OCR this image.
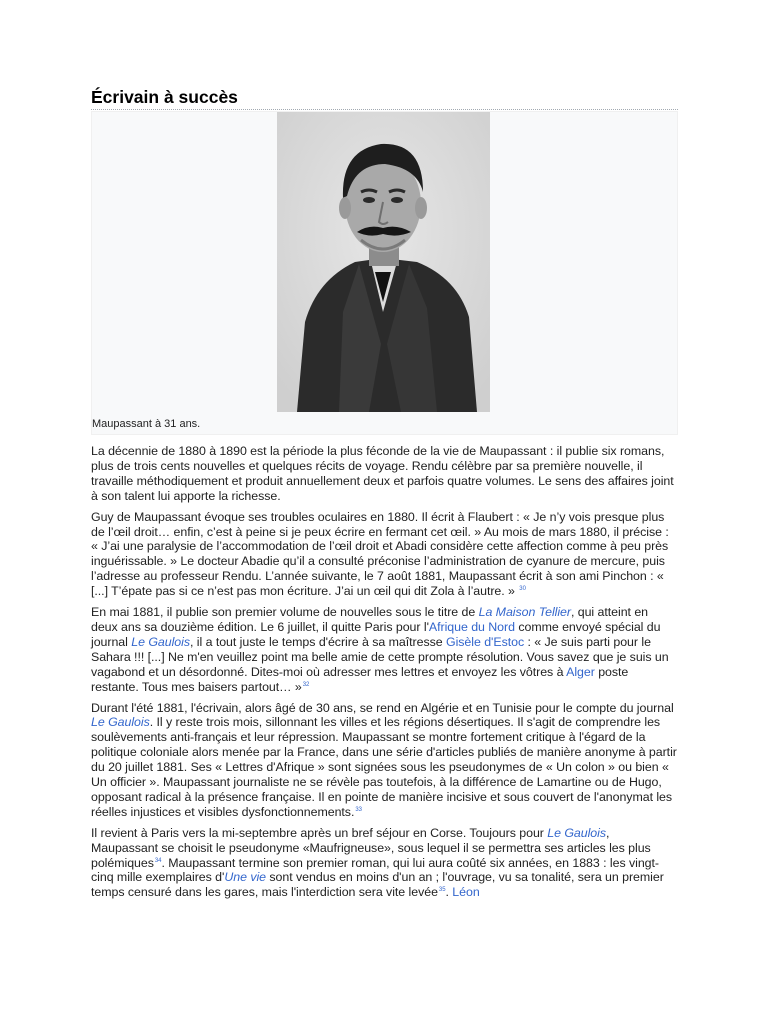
Écrivain à succès
Maupassant à 31 ans.

La décennie de 1880 à 1890 est la période la plus féconde de la vie de Maupassant : il publie six romans, plus de trois cents nouvelles et quelques récits de voyage. Rendu célèbre par sa première nouvelle, il travaille méthodiquement et produit annuellement deux et parfois quatre volumes. Le sens des affaires joint à son talent lui apporte la richesse.

Guy de Maupassant évoque ses troubles oculaires en 1880. Il écrit à Flaubert : « Je n’y vois presque plus de l’œil droit… enfin, c’est à peine si je peux écrire en fermant cet œil. » Au mois de mars 1880, il précise : « J’ai une paralysie de l’accommodation de l’œil droit et Abadi considère cette affection comme à peu près inguérissable. » Le docteur Abadie qu’il a consulté préconise l’administration de cyanure de mercure, puis l’adresse au professeur Rendu. L’année suivante, le 7 août 1881, Maupassant écrit à son ami Pinchon : « [...] T’épate pas si ce n’est pas mon écriture. J’ai un œil qui dit Zola à l’autre. » $^{30}$

En mai 1881, il publie son premier volume de nouvelles sous le titre de La Maison Tellier, qui atteint en deux ans sa douzième édition. Le 6 juillet, il quitte Paris pour l'Afrique du Nord comme envoyé spécial du journal Le Gaulois, il a tout juste le temps d'écrire à sa maîtresse Gisèle d'Estoc : « Je suis parti pour le Sahara !!! [...] Ne m'en veuillez point ma belle amie de cette prompte résolution. Vous savez que je suis un vagabond et un désordonné. Dites-moi où adresser mes lettres et envoyez les vôtres à Alger poste restante. Tous mes baisers partout… »$^{32}$

Durant l'été 1881, l'écrivain, alors âgé de 30 ans, se rend en Algérie et en Tunisie pour le compte du journal Le Gaulois. Il y reste trois mois, sillonnant les villes et les régions désertiques. Il s'agit de comprendre les soulèvements anti-français et leur répression. Maupassant se montre fortement critique à l'égard de la politique coloniale alors menée par la France, dans une série d'articles publiés de manière anonyme à partir du 20 juillet 1881. Ses « Lettres d'Afrique » sont signées sous les pseudonymes de « Un colon » ou bien « Un officier ». Maupassant journaliste ne se révèle pas toutefois, à la différence de Lamartine ou de Hugo, opposant radical à la présence française. Il en pointe de manière incisive et sous couvert de l'anonymat les réelles injustices et visibles dysfonctionnements.$^{33}$

Il revient à Paris vers la mi-septembre après un bref séjour en Corse. Toujours pour Le Gaulois, Maupassant se choisit le pseudonyme «Maufrigneuse», sous lequel il se permettra ses articles les plus polémiques$^{34}$. Maupassant termine son premier roman, qui lui aura coûté six années, en 1883 : les vingt-cinq mille exemplaires d'Une vie sont vendus en moins d'un an ; l'ouvrage, vu sa tonalité, sera un premier temps censuré dans les gares, mais l'interdiction sera vite levée$^{35}$. Léon
